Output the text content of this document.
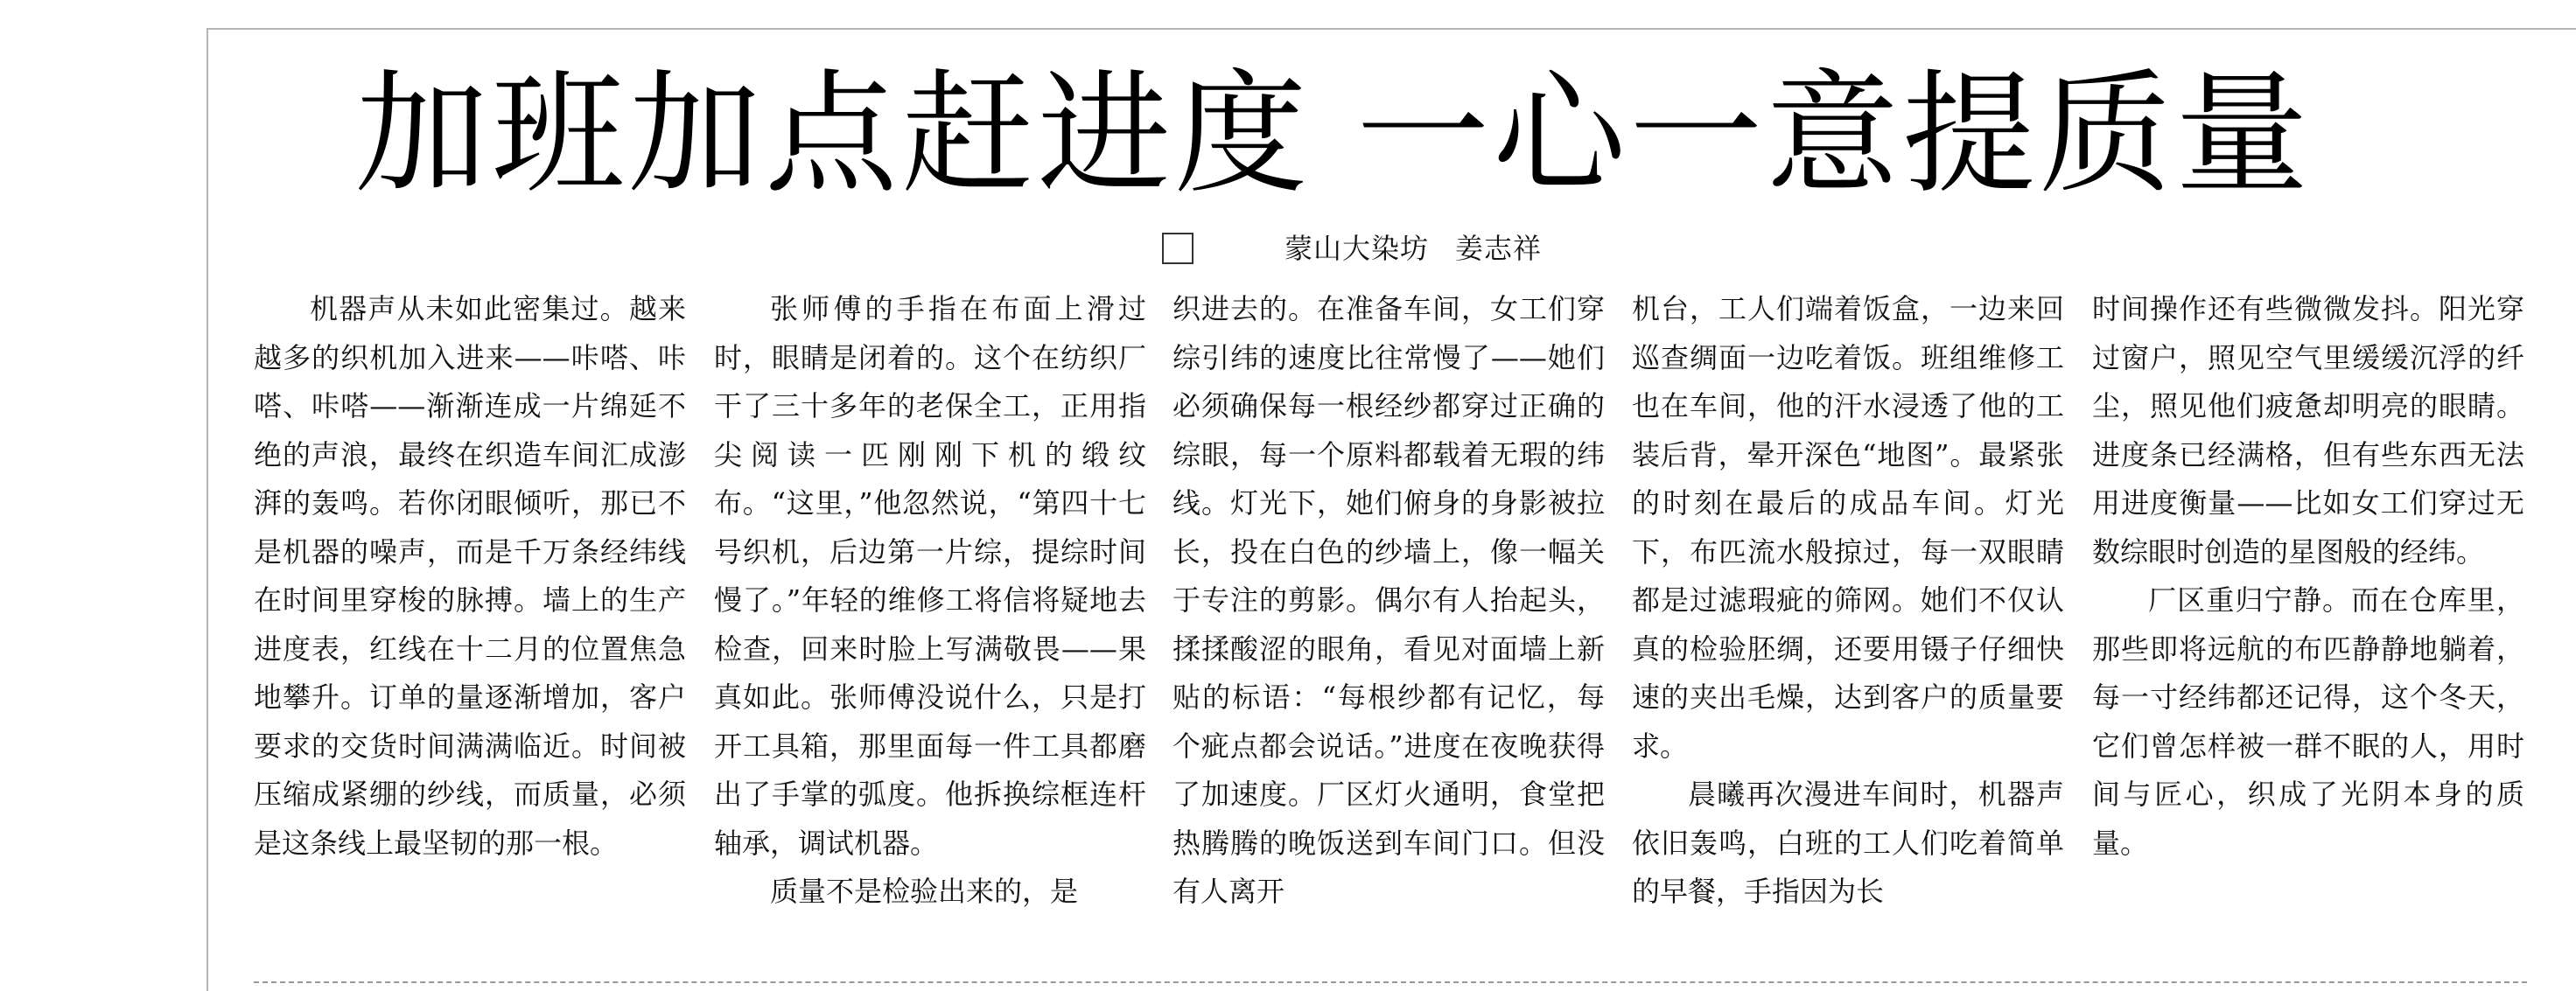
加班加点赶进度 一心一意提质量
蒙山大染坊 姜志祥

机器声从未如此密集过。越来越多的织机加入进来——咔嗒、咔嗒、咔嗒——渐渐连成一片绵延不绝的声浪，最终在织造车间汇成澎湃的轰鸣。若你闭眼倾听，那已不是机器的噪声，而是千万条经纬线在时间里穿梭的脉搏。墙上的生产进度表，红线在十二月的位置焦急地攀升。订单的量逐渐增加，客户要求的交货时间满满临近。时间被压缩成紧绷的纱线，而质量，必须是这条线上最坚韧的那一根。

张师傅的手指在布面上滑过时，眼睛是闭着的。这个在纺织厂干了三十多年的老保全工，正用指尖阅读一匹刚刚下机的缎纹布。“这里，”他忽然说，“第四十七号织机，后边第一片综，提综时间慢了。”年轻的维修工将信将疑地去检查，回来时脸上写满敬畏——果真如此。张师傅没说什么，只是打开工具箱，那里面每一件工具都磨出了手掌的弧度。他拆换综框连杆轴承，调试机器。

质量不是检验出来的，是

织进去的。在准备车间，女工们穿综引纬的速度比往常慢了——她们必须确保每一根经纱都穿过正确的综眼，每一个原料都载着无瑕的纬线。灯光下，她们俯身的身影被拉长，投在白色的纱墙上，像一幅关于专注的剪影。偶尔有人抬起头，揉揉酸涩的眼角，看见对面墙上新贴的标语：“每根纱都有记忆，每个疵点都会说话。”进度在夜晚获得了加速度。厂区灯火通明，食堂把热腾腾的晚饭送到车间门口。但没有人离开

机台，工人们端着饭盒，一边来回巡查绸面一边吃着饭。班组维修工也在车间，他的汗水浸透了他的工装后背，晕开深色“地图”。最紧张的时刻在最后的成品车间。灯光下，布匹流水般掠过，每一双眼睛都是过滤瑕疵的筛网。她们不仅认真的检验胚绸，还要用镊子仔细快速的夹出毛燥，达到客户的质量要求。

晨曦再次漫进车间时，机器声依旧轰鸣，白班的工人们吃着简单的早餐，手指因为长

时间操作还有些微微发抖。阳光穿过窗户，照见空气里缓缓沉浮的纤尘，照见他们疲惫却明亮的眼睛。进度条已经满格，但有些东西无法用进度衡量——比如女工们穿过无数综眼时创造的星图般的经纬。

厂区重归宁静。而在仓库里，那些即将远航的布匹静静地躺着，每一寸经纬都还记得，这个冬天，它们曾怎样被一群不眠的人，用时间与匠心，织成了光阴本身的质量。
